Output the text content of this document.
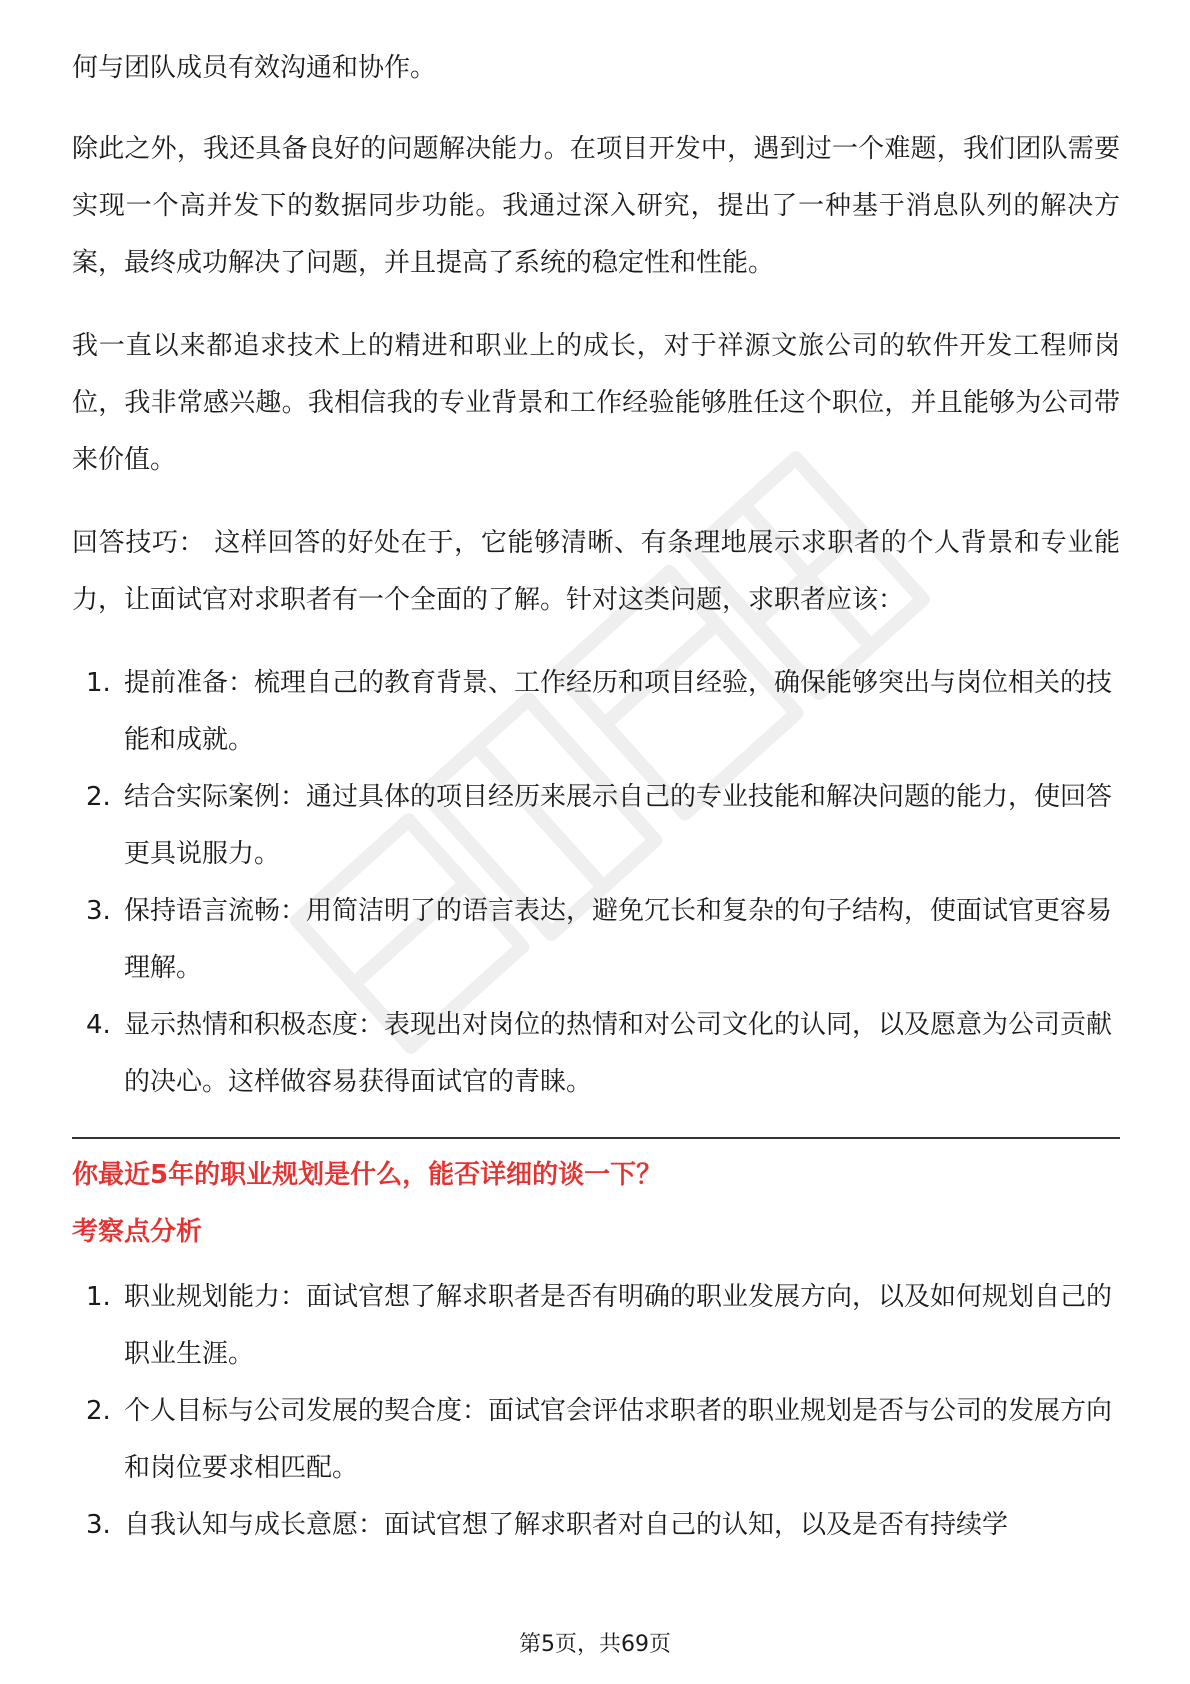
何与团队成员有效沟通和协作。

除此之外，我还具备良好的问题解决能力。在项目开发中，遇到过一个难题，我们团队需要实现一个高并发下的数据同步功能。我通过深入研究，提出了一种基于消息队列的解决方案，最终成功解决了问题，并且提高了系统的稳定性和性能。

我一直以来都追求技术上的精进和职业上的成长，对于祥源文旅公司的软件开发工程师岗位，我非常感兴趣。我相信我的专业背景和工作经验能够胜任这个职位，并且能够为公司带来价值。

回答技巧： 这样回答的好处在于，它能够清晰、有条理地展示求职者的个人背景和专业能力，让面试官对求职者有一个全面的了解。针对这类问题，求职者应该：

1. 提前准备：梳理自己的教育背景、工作经历和项目经验，确保能够突出与岗位相关的技能和成就。
2. 结合实际案例：通过具体的项目经历来展示自己的专业技能和解决问题的能力，使回答更具说服力。
3. 保持语言流畅：用简洁明了的语言表达，避免冗长和复杂的句子结构，使面试官更容易理解。
4. 显示热情和积极态度：表现出对岗位的热情和对公司文化的认同，以及愿意为公司贡献的决心。这样做容易获得面试官的青睐。
你最近5年的职业规划是什么，能否详细的谈一下？
考察点分析
1. 职业规划能力：面试官想了解求职者是否有明确的职业发展方向，以及如何规划自己的职业生涯。
2. 个人目标与公司发展的契合度：面试官会评估求职者的职业规划是否与公司的发展方向和岗位要求相匹配。
3. 自我认知与成长意愿：面试官想了解求职者对自己的认知，以及是否有持续学
第5页，共69页
